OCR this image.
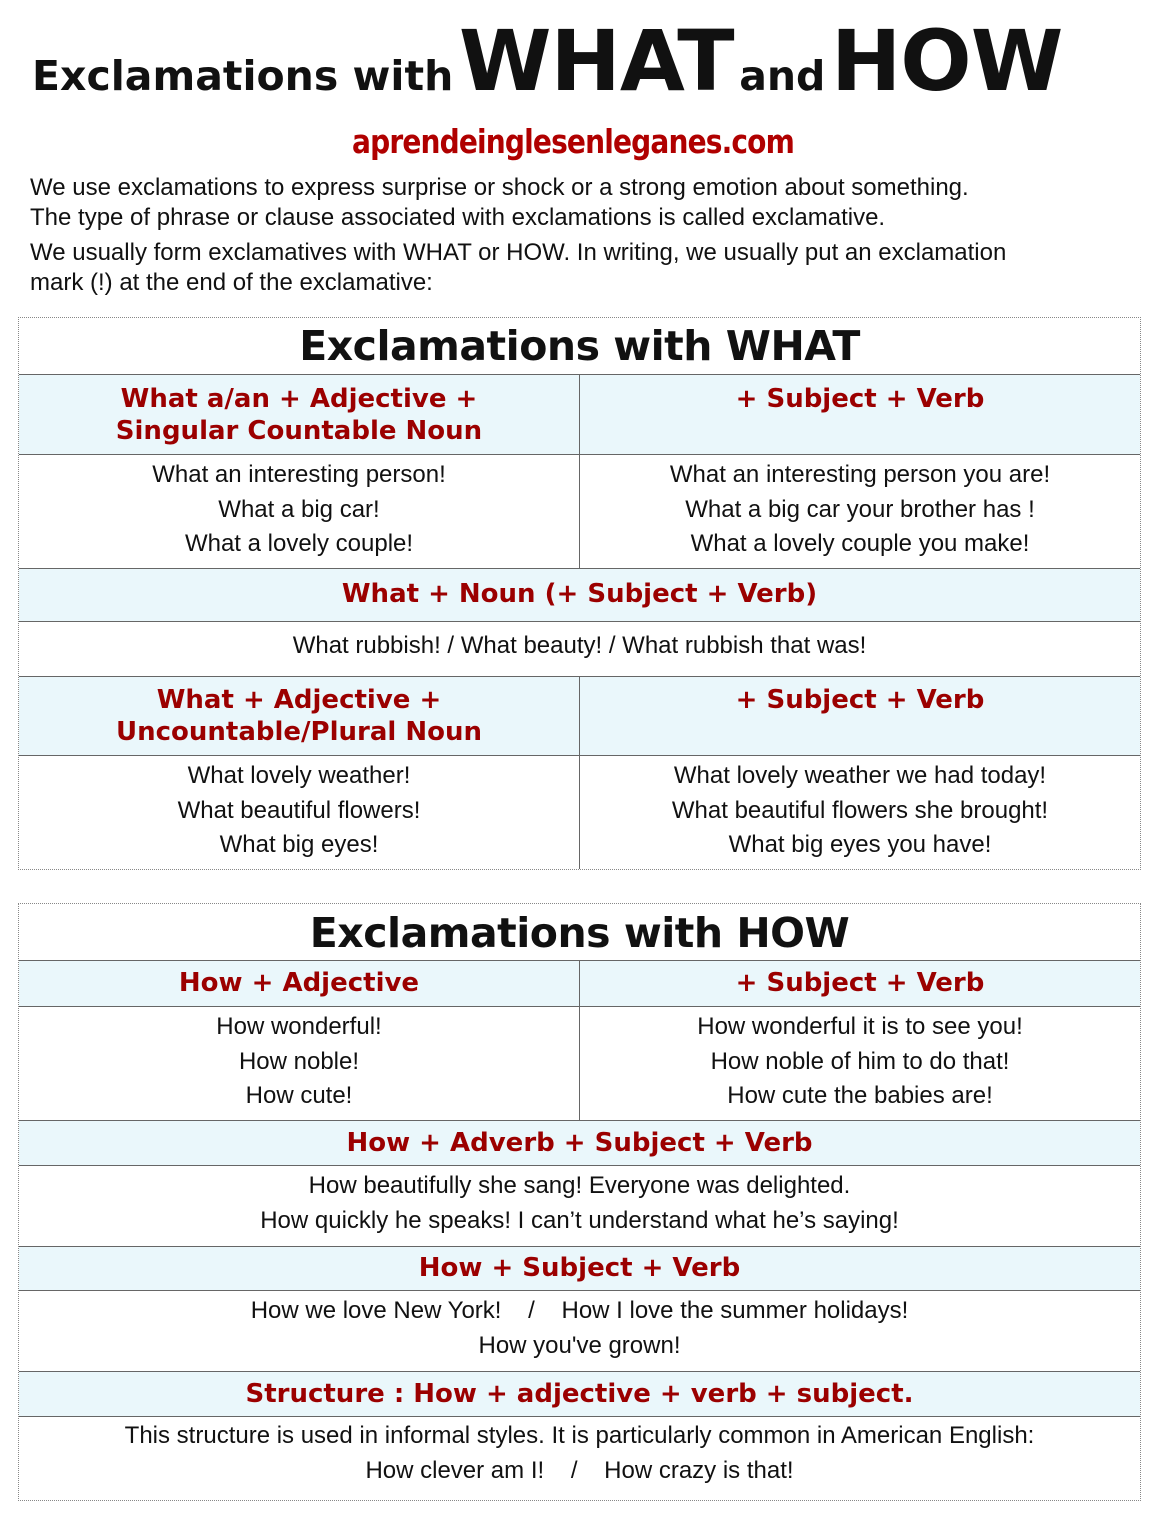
Exclamations with WHAT and HOW
aprendeinglesenleganes.com
We use exclamations to express surprise or shock or a strong emotion about something.
The type of phrase or clause associated with exclamations is called exclamative.
We usually form exclamatives with WHAT or HOW. In writing, we usually put an exclamation
mark (!) at the end of the exclamative:
Exclamations with WHAT
What a/an + Adjective +
Singular Countable Noun
+ Subject + Verb
What an interesting person!
What a big car!
What a lovely couple!
What an interesting person you are!
What a big car your brother has !
What a lovely couple you make!
What + Noun (+ Subject + Verb)
What rubbish! / What beauty! / What rubbish that was!
What + Adjective +
Uncountable/Plural Noun
+ Subject + Verb
What lovely weather!
What beautiful flowers!
What big eyes!
What lovely weather we had today!
What beautiful flowers she brought!
What big eyes you have!
Exclamations with HOW
How + Adjective	+ Subject + Verb
How wonderful!
How noble!
How cute!
How wonderful it is to see you!
How noble of him to do that!
How cute the babies are!
How + Adverb + Subject + Verb
How beautifully she sang! Everyone was delighted.
How quickly he speaks! I can’t understand what he’s saying!
How + Subject + Verb
How we love New York!    /    How I love the summer holidays!
How you've grown!
Structure : How + adjective + verb + subject.
This structure is used in informal styles. It is particularly common in American English:
How clever am I!    /    How crazy is that!
